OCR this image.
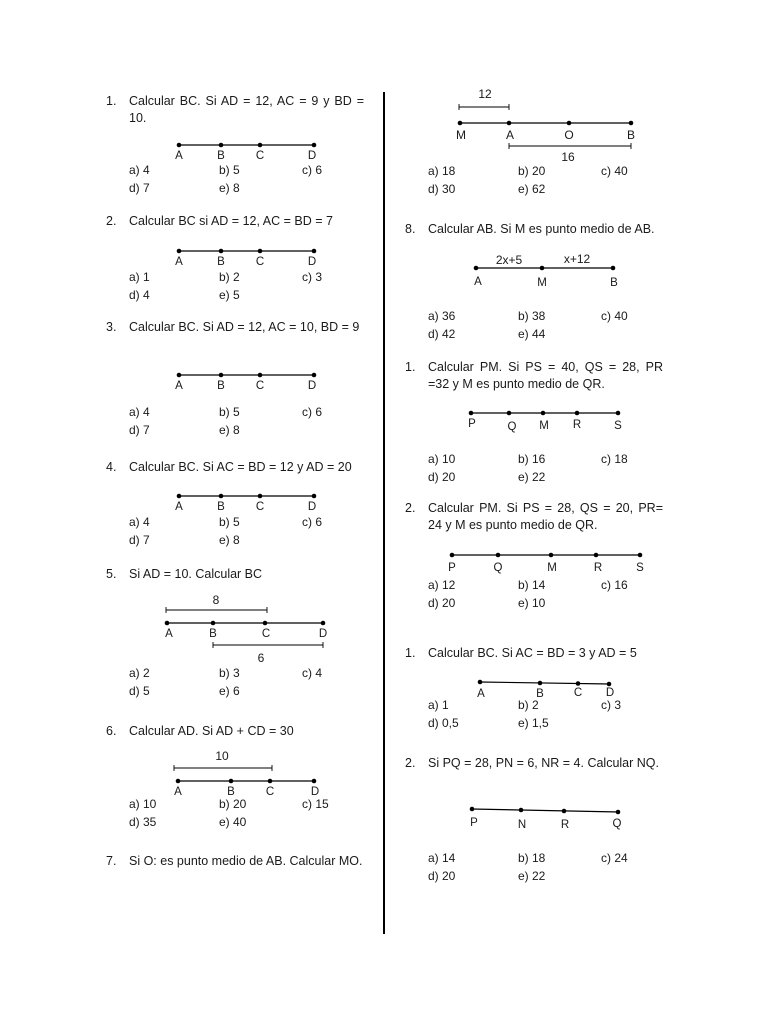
1. Calcular BC. Si AD = 12, AC = 9 y BD = 10.
A	B	C	D
a) 4	b) 5	c) 6
d) 7	e) 8
2. Calcular BC si AD = 12, AC = BD = 7
A	B	C	D
a) 1	b) 2	c) 3
d) 4	e) 5
3. Calcular BC. Si AD = 12, AC = 10, BD = 9
A	B	C	D
a) 4	b) 5	c) 6
d) 7	e) 8
4. Calcular BC. Si AC = BD = 12 y AD = 20
A	B	C	D
a) 4	b) 5	c) 6
d) 7	e) 8
5. Si AD = 10. Calcular BC
8
A	B	C	D
6
a) 2	b) 3	c) 4
d) 5	e) 6
6. Calcular AD. Si AD + CD = 30
10
A	B	C	D
a) 10	b) 20	c) 15
d) 35	e) 40
7. Si O: es punto medio de AB. Calcular MO.
12
M	A	O	B
16
a) 18	b) 20	c) 40
d) 30	e) 62
8. Calcular AB. Si M es punto medio de AB.
2x+5	x+12
A	M	B
a) 36	b) 38	c) 40
d) 42	e) 44
1. Calcular PM. Si PS = 40, QS = 28, PR =32 y M es punto medio de QR.
P	Q M R	S
a) 10	b) 16	c) 18
d) 20	e) 22
2. Calcular PM. Si PS = 28, QS = 20, PR= 24 y M es punto medio de QR.
P	Q	M	R	S
a) 12	b) 14	c) 16
d) 20	e) 10
1. Calcular BC. Si AC = BD = 3 y AD = 5
A	B	C D
a) 1	b) 2	c) 3
d) 0,5	e) 1,5
2. Si PQ = 28, PN = 6, NR = 4. Calcular NQ.
P	N	R	Q
a) 14	b) 18	c) 24
d) 20	e) 22
